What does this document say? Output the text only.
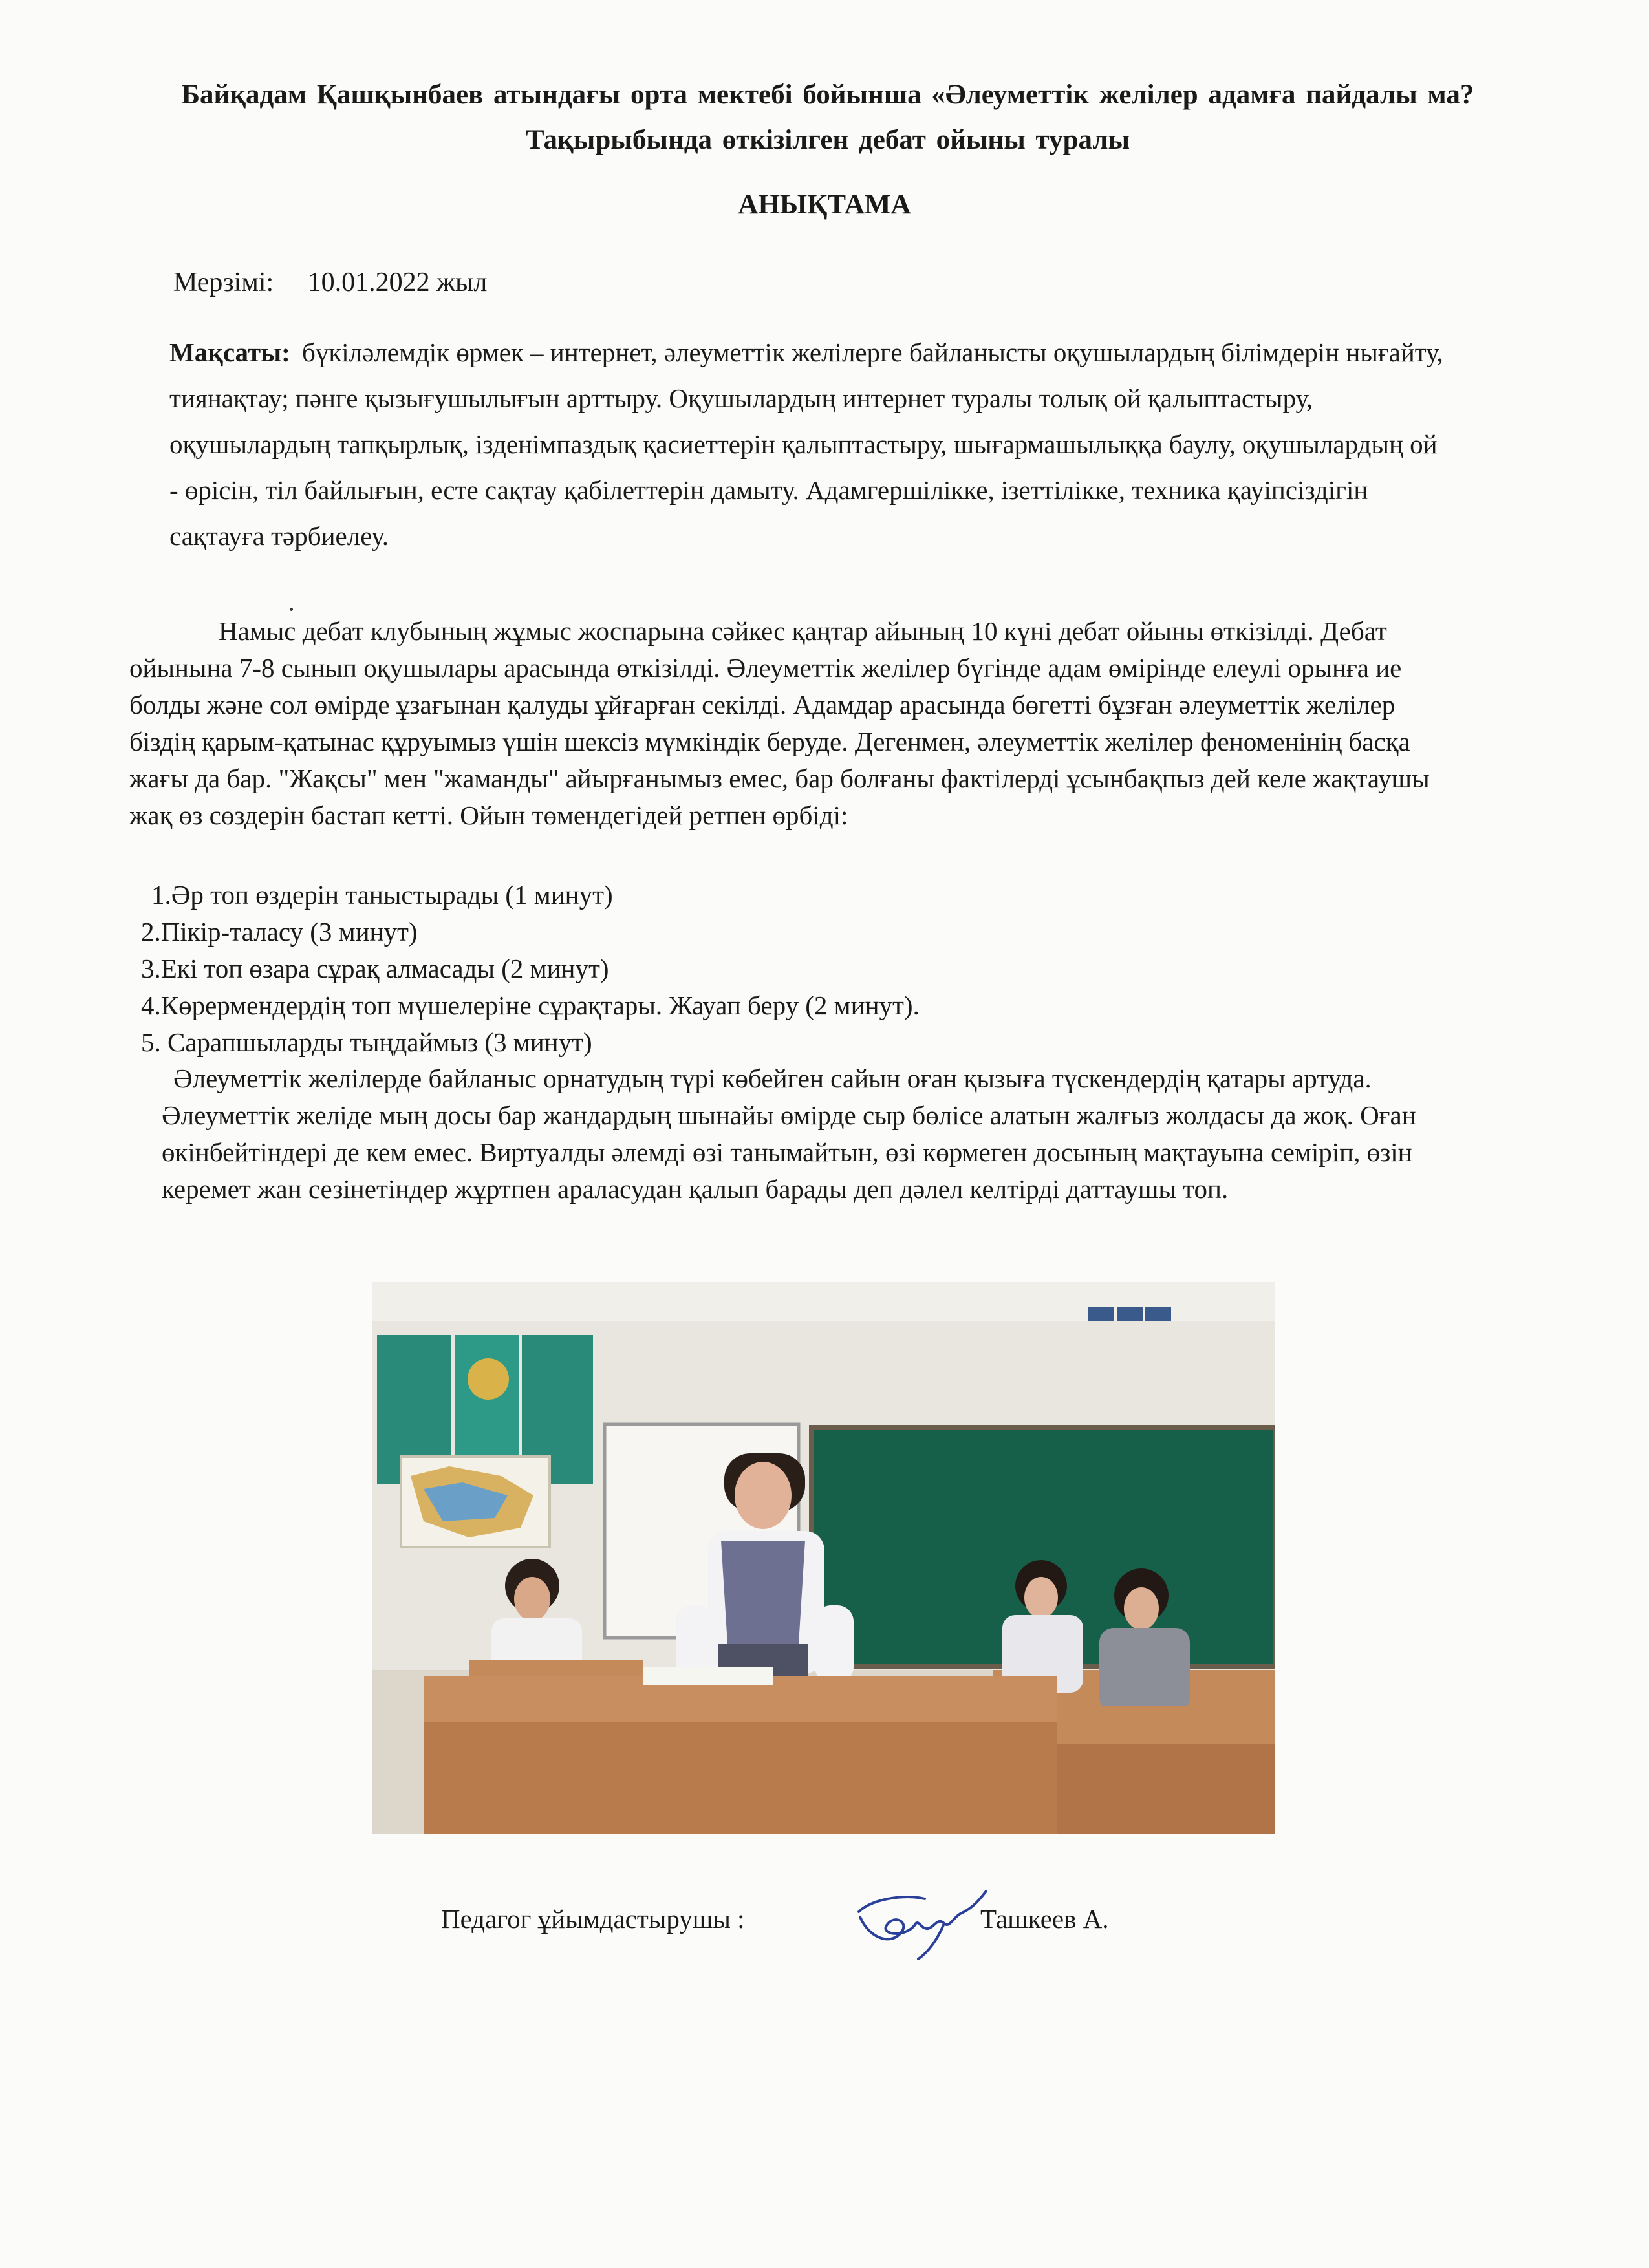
Байқадам Қашқынбаев атындағы орта мектебі бойынша «Әлеуметтік желілер адамға пайдалы ма? Тақырыбында өткізілген дебат ойыны туралы
АНЫҚТАМА
Мерзімі: 10.01.2022 жыл
Мақсаты: бүкіләлемдік өрмек – интернет, әлеуметтік желілерге байланысты оқушылардың білімдерін нығайту, тиянақтау; пәнге қызығушылығын арттыру. Оқушылардың интернет туралы толық ой қалыптастыру, оқушылардың тапқырлық, ізденімпаздық қасиеттерін қалыптастыру, шығармашылыққа баулу, оқушылардың ой - өрісін, тіл байлығын, есте сақтау қабілеттерін дамыту. Адамгершілікке, ізеттілікке, техника қауіпсіздігін сақтауға тәрбиелеу.
Намыс дебат клубының жұмыс жоспарына сәйкес қаңтар айының 10 күні дебат ойыны өткізілді. Дебат ойынына 7-8 сынып оқушылары арасында өткізілді. Әлеуметтік желілер бүгінде адам өмірінде елеулі орынға ие болды және сол өмірде ұзағынан қалуды ұйғарған секілді. Адамдар арасында бөгетті бұзған әлеуметтік желілер біздің қарым-қатынас құруымыз үшін шексіз мүмкіндік беруде. Дегенмен, әлеуметтік желілер феноменінің басқа жағы да бар. "Жақсы" мен "жаманды" айырғанымыз емес, бар болғаны фактілерді ұсынбақпыз дей келе жақтаушы жақ өз сөздерін бастап кетті. Ойын төмендегідей ретпен өрбіді:
1.Әр топ өздерін таныстырады (1 минут)
2.Пікір-таласу (3 минут)
3.Екі топ өзара сұрақ алмасады (2 минут)
4.Көрермендердің топ мүшелеріне сұрақтары. Жауап беру (2 минут).
5. Сарапшыларды тыңдаймыз (3 минут)
Әлеуметтік желілерде байланыс орнатудың түрі көбейген сайын оған қызыға түскендердің қатары артуда. Әлеуметтік желіде мың досы бар жандардың шынайы өмірде сыр бөлісе алатын жалғыз жолдасы да жоқ. Оған өкінбейтіндері де кем емес. Виртуалды әлемді өзі танымайтын, өзі көрмеген досының мақтауына семіріп, өзін керемет жан сезінетіндер жұртпен араласудан қалып барады деп дәлел келтірді даттаушы топ.
Педагог ұйымдастырушы :	Ташкеев А.
